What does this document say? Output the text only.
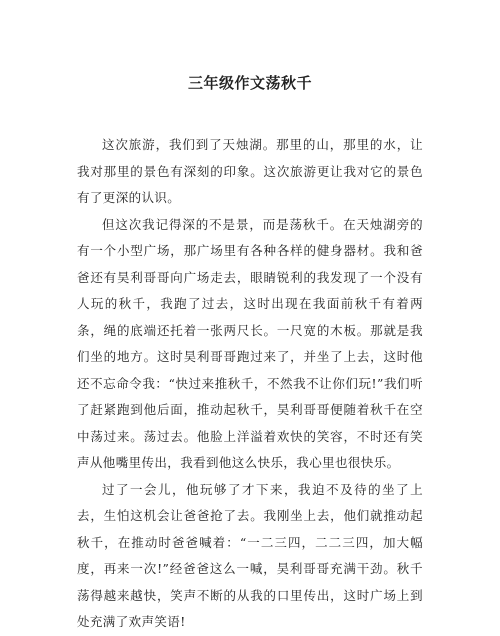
三年级作文荡秋千

这次旅游，我们到了天烛湖。那里的山，那里的水，让我对那里的景色有深刻的印象。这次旅游更让我对它的景色有了更深的认识。

但这次我记得深的不是景，而是荡秋千。在天烛湖旁的有一个小型广场，那广场里有各种各样的健身器材。我和爸爸还有昊利哥哥向广场走去，眼睛锐利的我发现了一个没有人玩的秋千，我跑了过去，这时出现在我面前秋千有着两条，绳的底端还托着一张两尺长。一尺宽的木板。那就是我们坐的地方。这时昊利哥哥跑过来了，并坐了上去，这时他还不忘命令我：“快过来推秋千，不然我不让你们玩!”我们听了赶紧跑到他后面，推动起秋千，昊利哥哥便随着秋千在空中荡过来。荡过去。他脸上洋溢着欢快的笑容，不时还有笑声从他嘴里传出，我看到他这么快乐，我心里也很快乐。

过了一会儿，他玩够了才下来，我迫不及待的坐了上去，生怕这机会让爸爸抢了去。我刚坐上去，他们就推动起秋千，在推动时爸爸喊着：“一二三四，二二三四，加大幅度，再来一次!”经爸爸这么一喊，昊利哥哥充满干劲。秋千荡得越来越快，笑声不断的从我的口里传出，这时广场上到处充满了欢声笑语!
